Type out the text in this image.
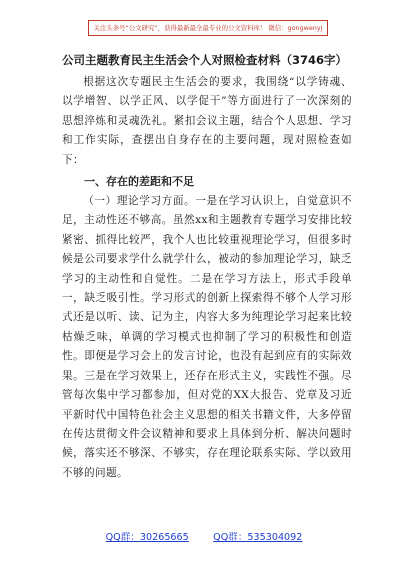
关注头条号“公文研究”，获得最新最全最专业的公文资料库！ 微信：gongwenyj
公司主题教育民主生活会个人对照检查材料（3746字）

根据这次专题民主生活会的要求，我围绕“以学铸魂、以学增智、以学正风、以学促干”等方面进行了一次深刻的思想淬炼和灵魂洗礼。紧扣会议主题，结合个人思想、学习和工作实际，查摆出自身存在的主要问题，现对照检查如下：

一、存在的差距和不足

（一）理论学习方面。一是在学习认识上，自觉意识不足，主动性还不够高。虽然xx和主题教育专题学习安排比较紧密、抓得比较严，我个人也比较重视理论学习，但很多时候是公司要求学什么就学什么，被动的参加理论学习，缺乏学习的主动性和自觉性。二是在学习方法上，形式手段单一，缺乏吸引性。学习形式的创新上探索得不够个人学习形式还是以听、读、记为主，内容大多为纯理论学习起来比较枯燥乏味，单调的学习模式也抑制了学习的积极性和创造性。即便是学习会上的发言讨论，也没有起到应有的实际效果。三是在学习效果上，还存在形式主义，实践性不强。尽管每次集中学习都参加，但对党的XX大报告、党章及习近平新时代中国特色社会主义思想的相关书籍文件，大多停留在传达贯彻文件会议精神和要求上具体到分析、解决问题时候，落实还不够深、不够实，存在理论联系实际、学以致用不够的问题。

QQ群：30265665	QQ群：535304092
